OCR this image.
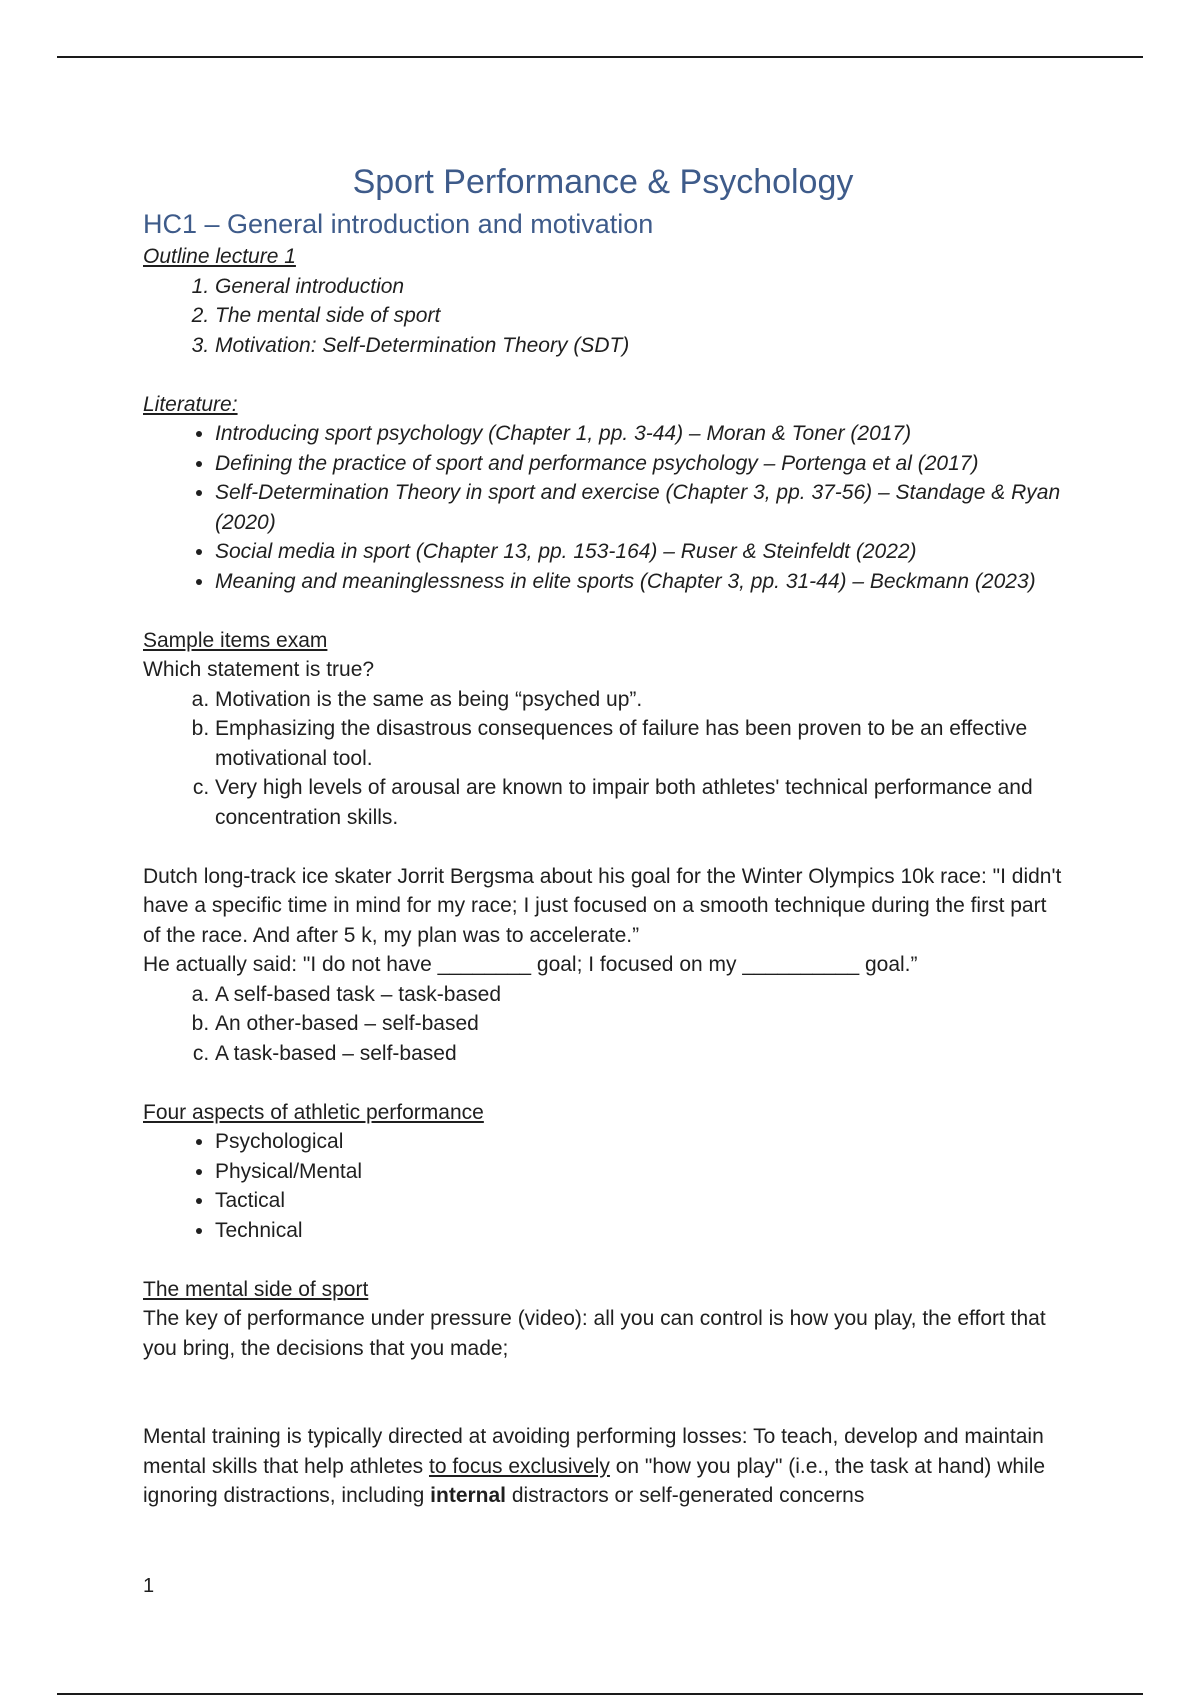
Sport Performance & Psychology
HC1 – General introduction and motivation

Outline lecture 1

1. General introduction
2. The mental side of sport
3. Motivation: Self-Determination Theory (SDT)

Literature:

• Introducing sport psychology (Chapter 1, pp. 3-44) – Moran & Toner (2017)
• Defining the practice of sport and performance psychology – Portenga et al (2017)
• Self-Determination Theory in sport and exercise (Chapter 3, pp. 37-56) – Standage & Ryan (2020)
• Social media in sport (Chapter 13, pp. 153-164) – Ruser & Steinfeldt (2022)
• Meaning and meaninglessness in elite sports (Chapter 3, pp. 31-44) – Beckmann (2023)

Sample items exam

Which statement is true?

a. Motivation is the same as being “psyched up”.
b. Emphasizing the disastrous consequences of failure has been proven to be an effective motivational tool.
c. Very high levels of arousal are known to impair both athletes' technical performance and concentration skills.

Dutch long-track ice skater Jorrit Bergsma about his goal for the Winter Olympics 10k race: "I didn't have a specific time in mind for my race; I just focused on a smooth technique during the first part of the race. And after 5 k, my plan was to accelerate.”

He actually said: "I do not have ________ goal; I focused on my __________ goal.”

a. A self-based task – task-based
b. An other-based – self-based
c. A task-based – self-based

Four aspects of athletic performance

• Psychological
• Physical/Mental
• Tactical
• Technical

The mental side of sport

The key of performance under pressure (video): all you can control is how you play, the effort that you bring, the decisions that you made;

Mental training is typically directed at avoiding performing losses: To teach, develop and maintain mental skills that help athletes to focus exclusively on "how you play" (i.e., the task at hand) while ignoring distractions, including internal distractors or self-generated concerns

1
